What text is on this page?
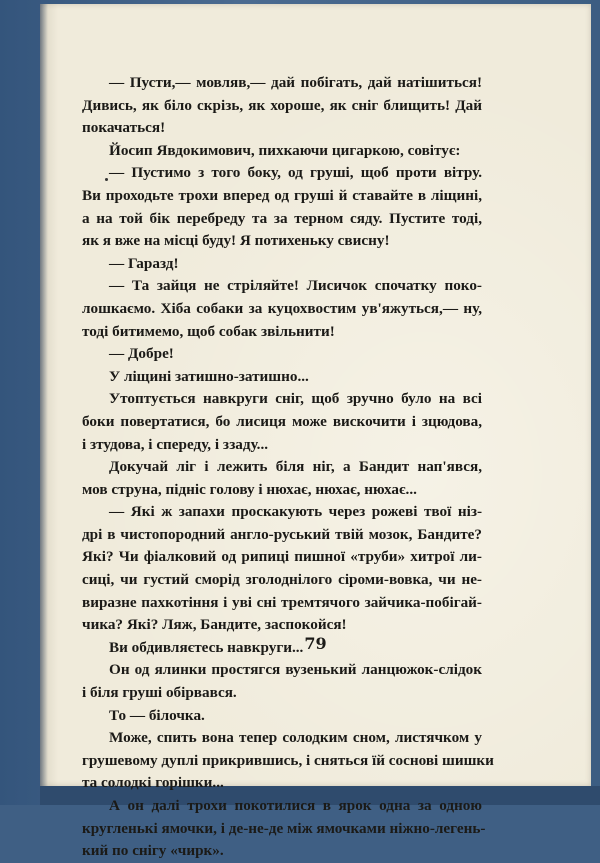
79
— Пусти,— мовляв,— дай побігать, дай натішиться!
Дивись, як біло скрізь, як хороше, як сніг блищить! Дай
покачаться!
Йосип Явдокимович, пихкаючи цигаркою, совітує:
— Пустимо з того боку, од груші, щоб проти вітру.
Ви проходьте трохи вперед од груші й ставайте в ліщині,
а на той бік перебреду та за терном сяду. Пустите тоді,
як я вже на місці буду! Я потихеньку свисну!
— Гаразд!
— Та зайця не стріляйте! Лисичок спочатку поко-
лошкаємо. Хіба собаки за куцохвостим ув'яжуться,— ну,
тоді битимемо, щоб собак звільнити!
— Добре!
У ліщині затишно-затишно...
Утоптується навкруги сніг, щоб зручно було на всі
боки повертатися, бо лисиця може вискочити і зцюдова,
і зтудова, і спереду, і ззаду...
Докучай ліг і лежить біля ніг, а Бандит нап'явся,
мов струна, підніс голову і нюхає, нюхає, нюхає...
— Які ж запахи проскакують через рожеві твої ніз-
дрі в чистопородний англо-руський твій мозок, Бандите?
Які? Чи фіалковий од рипиці пишної «труби» хитрої ли-
сиці, чи густий сморід зголоднілого сіроми-вовка, чи не-
виразне пахкотіння і уві сні тремтячого зайчика-побігай-
чика? Які? Ляж, Бандите, заспокойся!
Ви обдивляєтесь навкруги...
Он од ялинки простягся вузенький ланцюжок-слідок
і біля груші обірвався.
То — білочка.
Може, спить вона тепер солодким сном, листячком у
грушевому дуплі прикрившись, і сняться їй соснові шишки
та солодкі горішки...
А он далі трохи покотилися в ярок одна за одною
кругленькі ямочки, і де-не-де між ямочками ніжно-легень-
кий по снігу «чирк».
